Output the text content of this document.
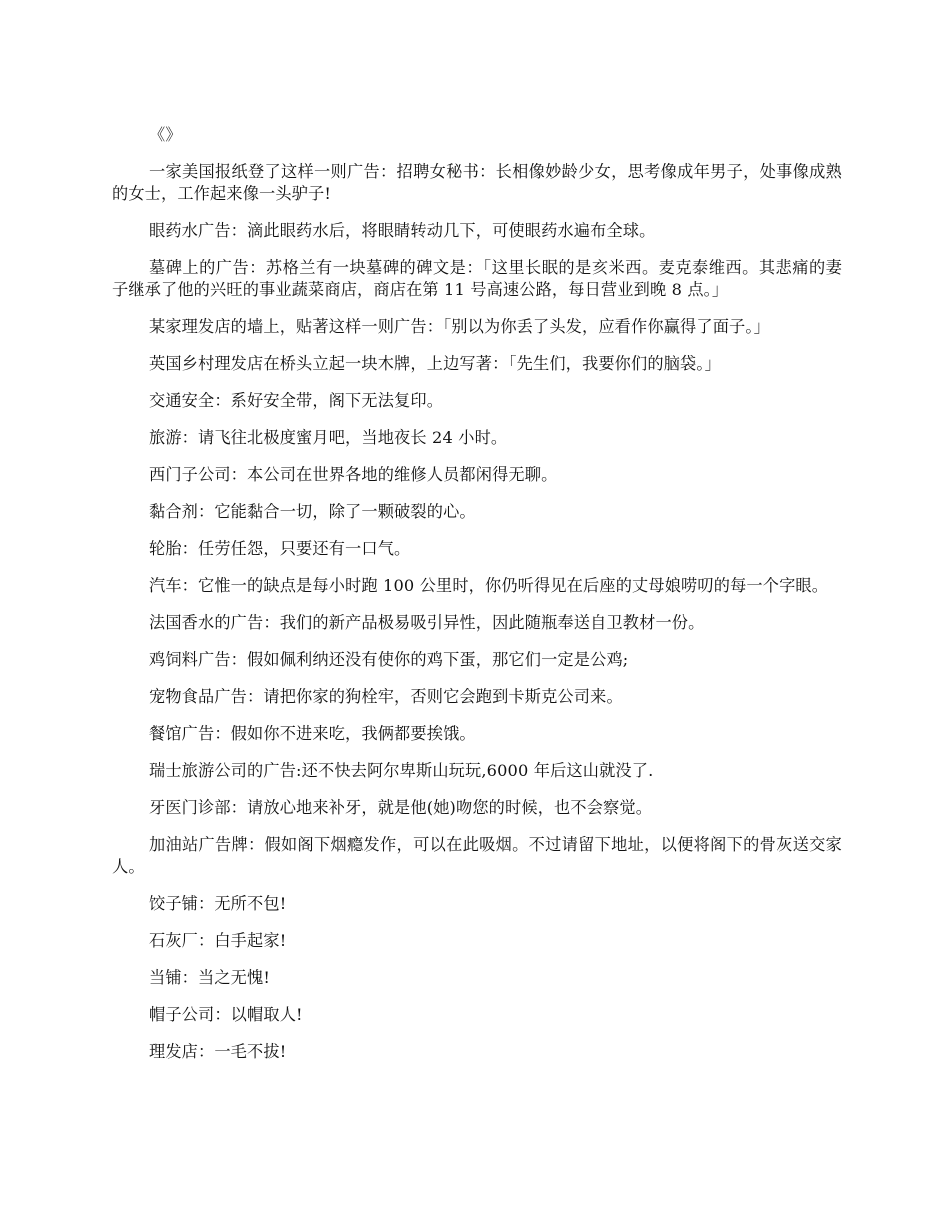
《》

一家美国报纸登了这样一则广告：招聘女秘书：长相像妙龄少女，思考像成年男子，处事像成熟的女士，工作起来像一头驴子!

眼药水广告：滴此眼药水后，将眼睛转动几下，可使眼药水遍布全球。

墓碑上的广告：苏格兰有一块墓碑的碑文是：「这里长眠的是亥米西。麦克泰维西。其悲痛的妻子继承了他的兴旺的事业蔬菜商店，商店在第 11 号高速公路，每日营业到晚 8 点。」

某家理发店的墙上，贴著这样一则广告：「别以为你丢了头发，应看作你赢得了面子。」

英国乡村理发店在桥头立起一块木牌，上边写著：「先生们，我要你们的脑袋。」

交通安全：系好安全带，阁下无法复印。

旅游：请飞往北极度蜜月吧，当地夜长 24 小时。

西门子公司：本公司在世界各地的维修人员都闲得无聊。

黏合剂：它能黏合一切，除了一颗破裂的心。

轮胎：任劳任怨，只要还有一口气。

汽车：它惟一的缺点是每小时跑 100 公里时，你仍听得见在后座的丈母娘唠叨的每一个字眼。

法国香水的广告：我们的新产品极易吸引异性，因此随瓶奉送自卫教材一份。

鸡饲料广告：假如佩利纳还没有使你的鸡下蛋，那它们一定是公鸡;

宠物食品广告：请把你家的狗栓牢，否则它会跑到卡斯克公司来。

餐馆广告：假如你不进来吃，我俩都要挨饿。

瑞士旅游公司的广告:还不快去阿尔卑斯山玩玩,6000 年后这山就没了.

牙医门诊部：请放心地来补牙，就是他(她)吻您的时候，也不会察觉。

加油站广告牌：假如阁下烟瘾发作，可以在此吸烟。不过请留下地址，以便将阁下的骨灰送交家人。

饺子铺：无所不包!

石灰厂：白手起家!

当铺：当之无愧!

帽子公司：以帽取人!

理发店：一毛不拔!
